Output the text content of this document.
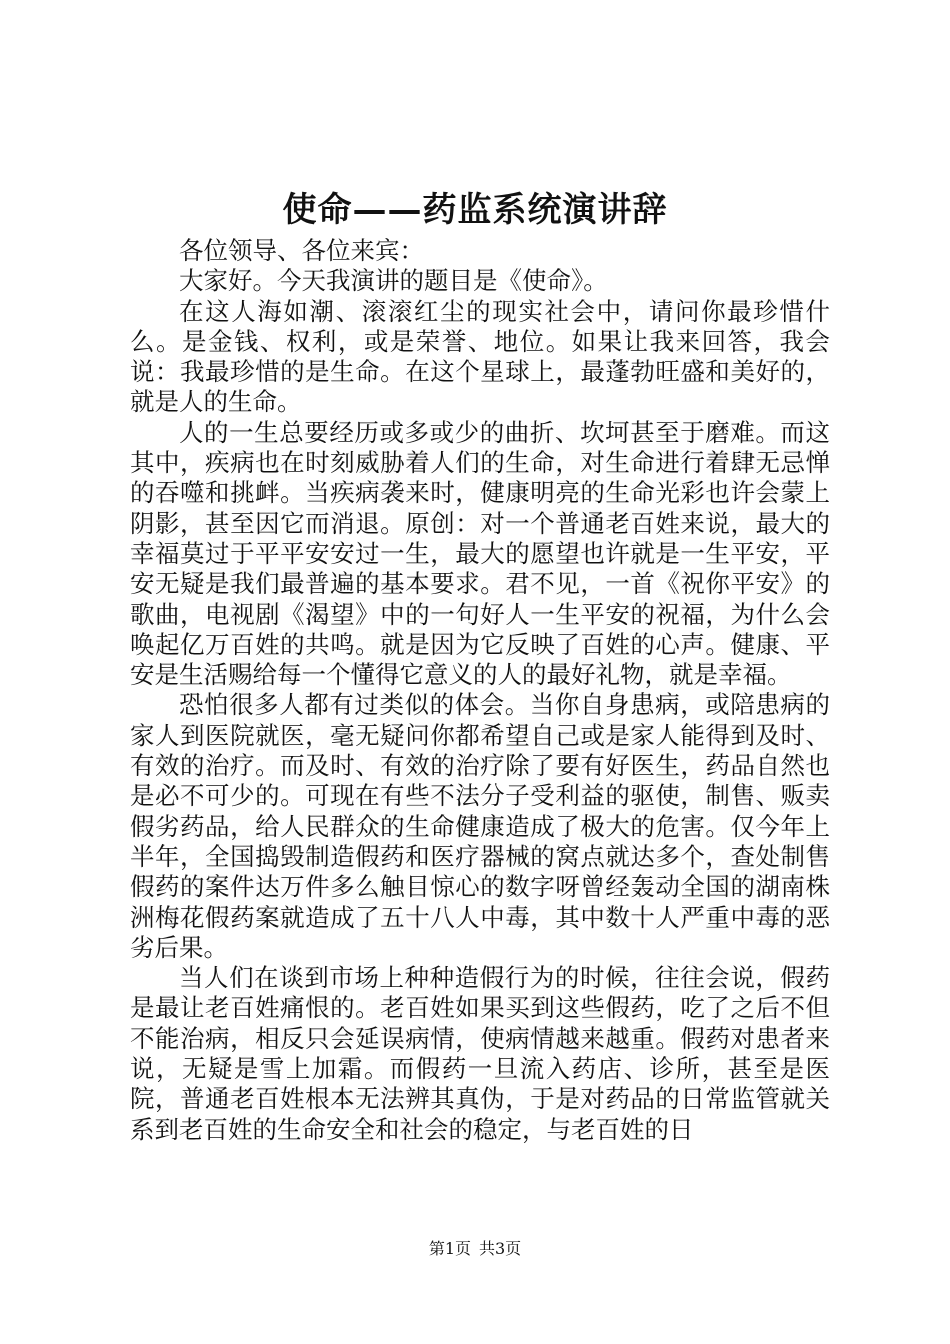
使命——药监系统演讲辞

各位领导、各位来宾：

大家好。今天我演讲的题目是《使命》。

在这人海如潮、滚滚红尘的现实社会中，请问你最珍惜什么。是金钱、权利，或是荣誉、地位。如果让我来回答，我会说：我最珍惜的是生命。在这个星球上，最蓬勃旺盛和美好的，就是人的生命。

人的一生总要经历或多或少的曲折、坎坷甚至于磨难。而这其中，疾病也在时刻威胁着人们的生命，对生命进行着肆无忌惮的吞噬和挑衅。当疾病袭来时，健康明亮的生命光彩也许会蒙上阴影，甚至因它而消退。原创：对一个普通老百姓来说，最大的幸福莫过于平平安安过一生，最大的愿望也许就是一生平安，平安无疑是我们最普遍的基本要求。君不见，一首《祝你平安》的歌曲，电视剧《渴望》中的一句好人一生平安的祝福，为什么会唤起亿万百姓的共鸣。就是因为它反映了百姓的心声。健康、平安是生活赐给每一个懂得它意义的人的最好礼物，就是幸福。

恐怕很多人都有过类似的体会。当你自身患病，或陪患病的家人到医院就医，毫无疑问你都希望自己或是家人能得到及时、有效的治疗。而及时、有效的治疗除了要有好医生，药品自然也是必不可少的。可现在有些不法分子受利益的驱使，制售、贩卖假劣药品，给人民群众的生命健康造成了极大的危害。仅今年上半年，全国捣毁制造假药和医疗器械的窝点就达多个，查处制售假药的案件达万件多么触目惊心的数字呀曾经轰动全国的湖南株洲梅花假药案就造成了五十八人中毒，其中数十人严重中毒的恶劣后果。

当人们在谈到市场上种种造假行为的时候，往往会说，假药是最让老百姓痛恨的。老百姓如果买到这些假药，吃了之后不但不能治病，相反只会延误病情，使病情越来越重。假药对患者来说，无疑是雪上加霜。而假药一旦流入药店、诊所，甚至是医院，普通老百姓根本无法辨其真伪，于是对药品的日常监管就关系到老百姓的生命安全和社会的稳定，与老百姓的日

第1页 共3页
